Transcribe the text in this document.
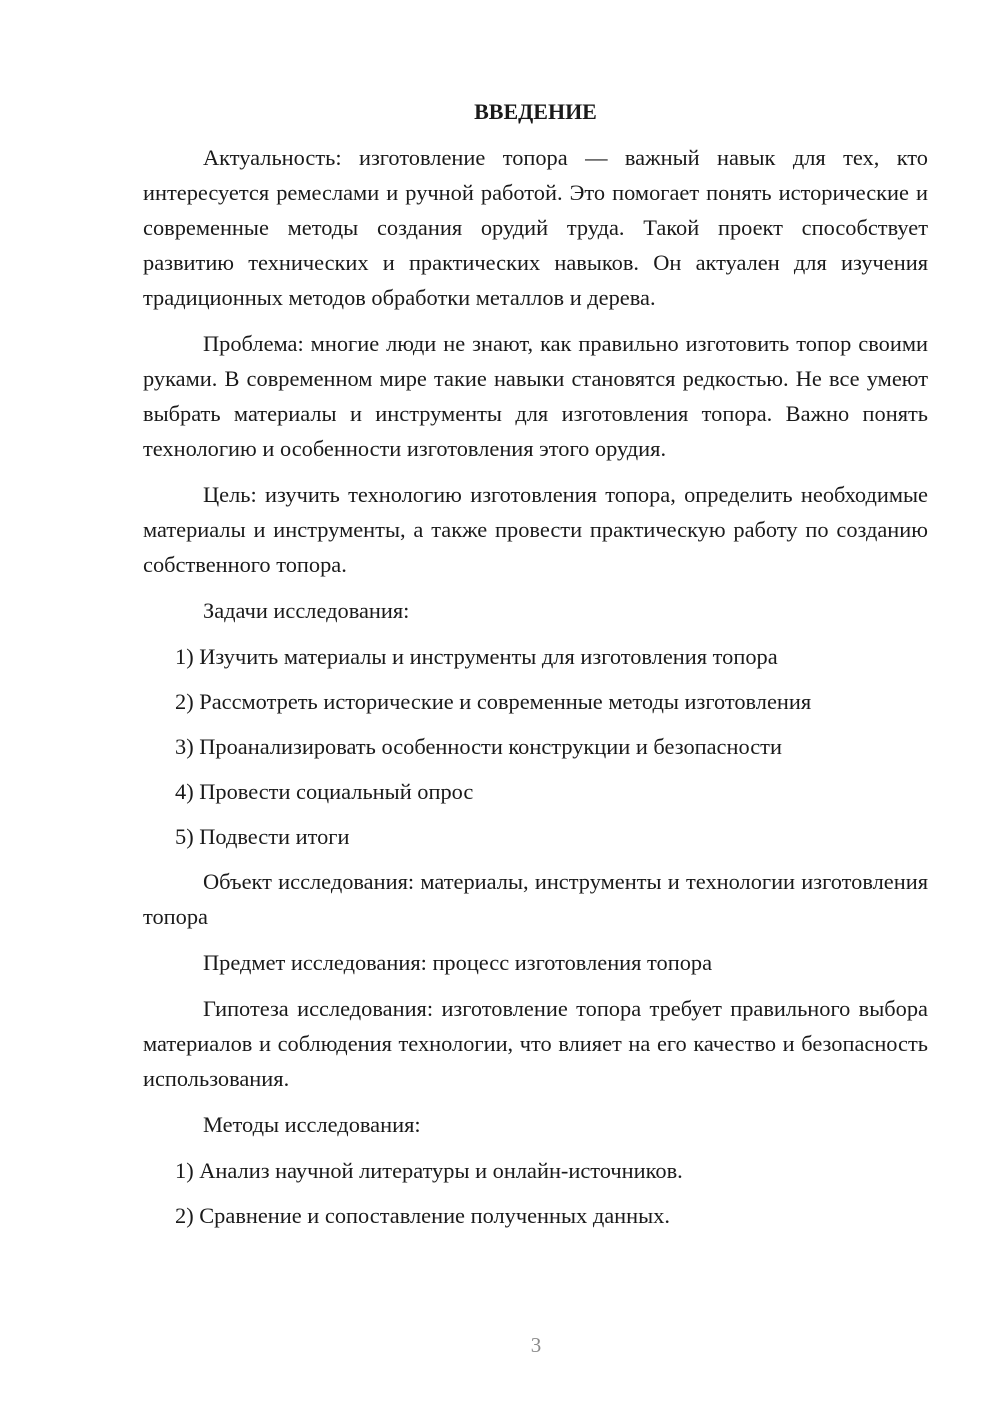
ВВЕДЕНИЕ

Актуальность: изготовление топора — важный навык для тех, кто интересуется ремеслами и ручной работой. Это помогает понять исторические и современные методы создания орудий труда. Такой проект способствует развитию технических и практических навыков. Он актуален для изучения традиционных методов обработки металлов и дерева.

Проблема: многие люди не знают, как правильно изготовить топор своими руками. В современном мире такие навыки становятся редкостью. Не все умеют выбрать материалы и инструменты для изготовления топора. Важно понять технологию и особенности изготовления этого орудия.

Цель: изучить технологию изготовления топора, определить необходимые материалы и инструменты, а также провести практическую работу по созданию собственного топора.

Задачи исследования:

1) Изучить материалы и инструменты для изготовления топора

2) Рассмотреть исторические и современные методы изготовления

3) Проанализировать особенности конструкции и безопасности

4) Провести социальный опрос

5) Подвести итоги

Объект исследования: материалы, инструменты и технологии изготовления топора

Предмет исследования: процесс изготовления топора

Гипотеза исследования: изготовление топора требует правильного выбора материалов и соблюдения технологии, что влияет на его качество и безопасность использования.

Методы исследования:

1) Анализ научной литературы и онлайн-источников.

2) Сравнение и сопоставление полученных данных.

3
